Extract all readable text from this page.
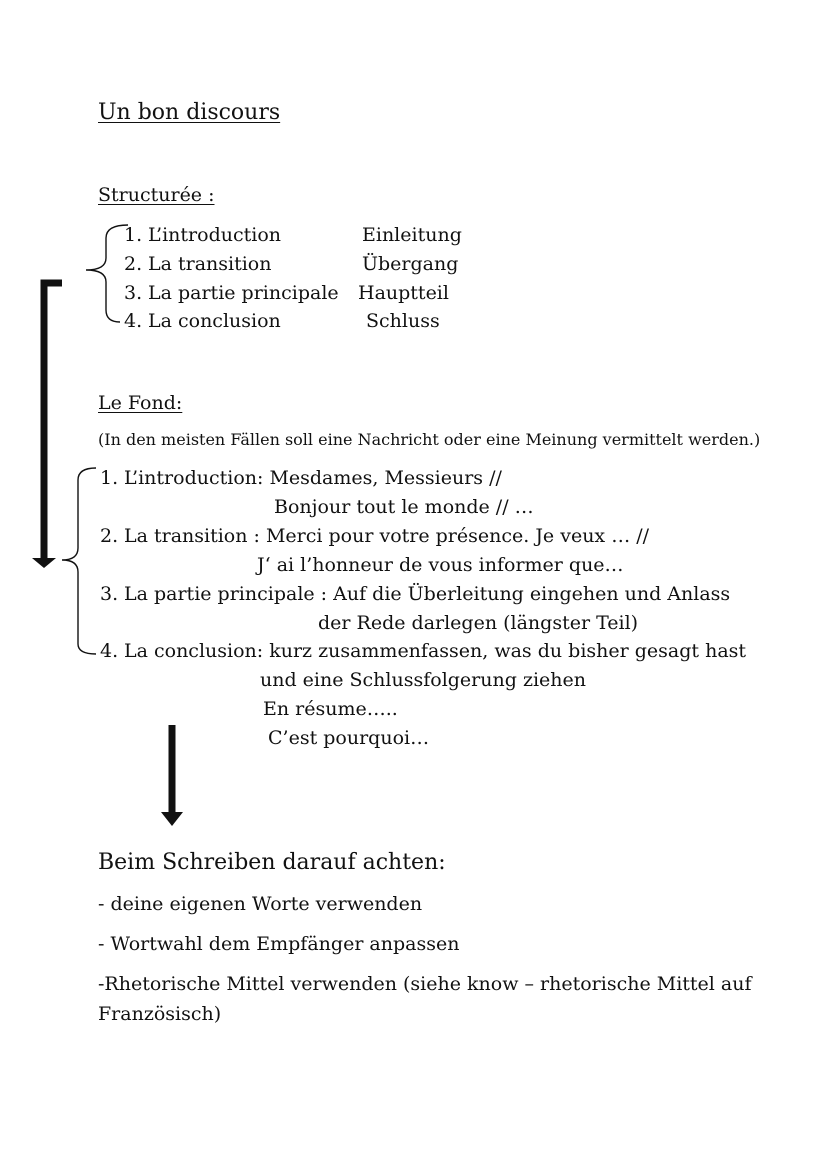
Un bon discours
Structurée :
1. L’introduction	Einleitung
2. La transition	Übergang
3. La partie principale Hauptteil
4. La conclusion	Schluss
Le Fond:
(In den meisten Fällen soll eine Nachricht oder eine Meinung vermittelt werden.)
1. L’introduction: Mesdames, Messieurs //
Bonjour tout le monde // …
2. La transition : Merci pour votre présence. Je veux … //
J‘ ai l’honneur de vous informer que…
3. La partie principale : Auf die Überleitung eingehen und Anlass
der Rede darlegen (längster Teil)
4. La conclusion: kurz zusammenfassen, was du bisher gesagt hast
und eine Schlussfolgerung ziehen
En résume…..
C’est pourquoi…
Beim Schreiben darauf achten:
- deine eigenen Worte verwenden
- Wortwahl dem Empfänger anpassen
-Rhetorische Mittel verwenden (siehe know – rhetorische Mittel auf
Französisch)
